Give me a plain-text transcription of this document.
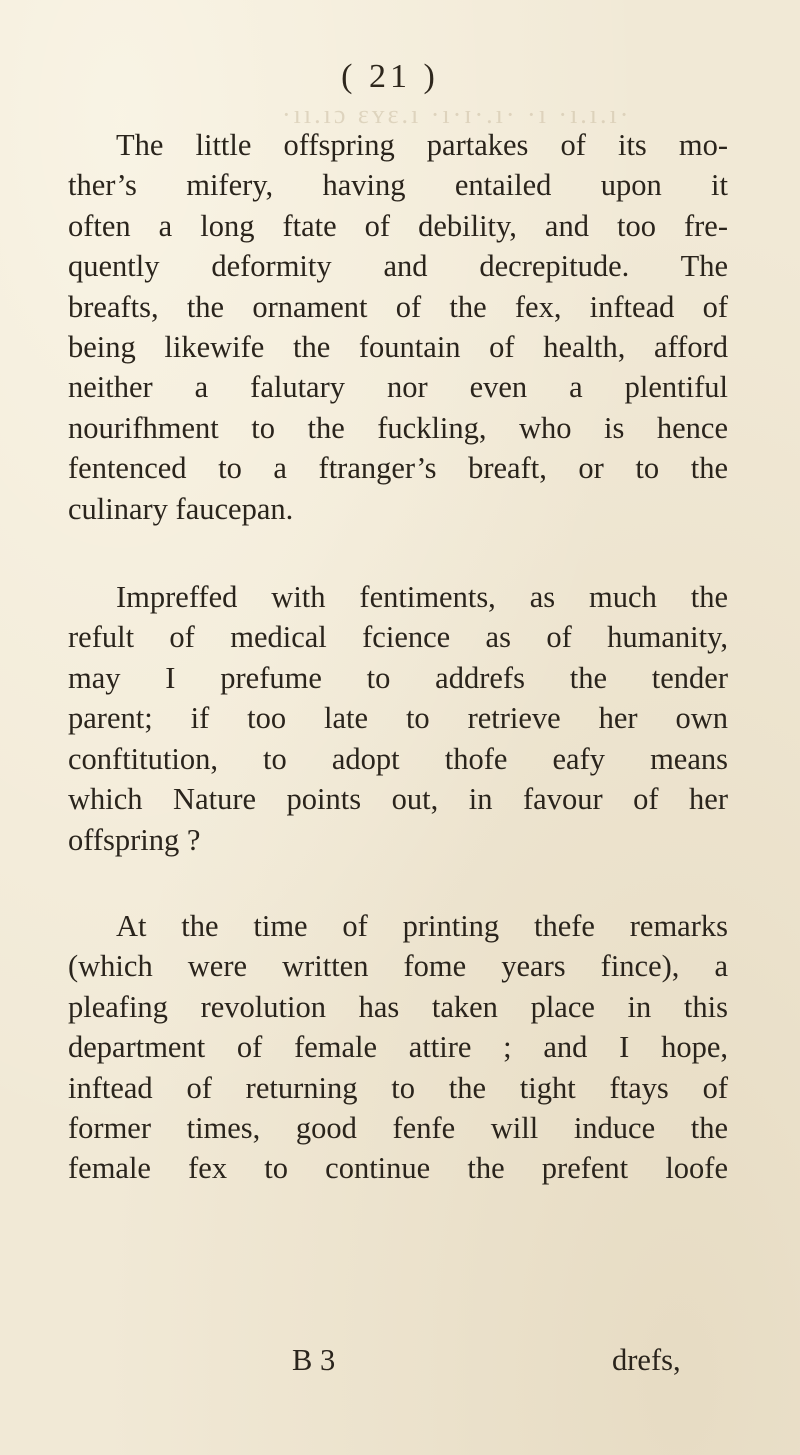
( 21 )
·ıı.ıɔ ɛʏɛ.ı ·ı·ɪ·.ı· ·ı ·ı.ı.ı·

The little offspring partakes of its mo-
ther’s mifery, having entailed upon it
often a long ftate of debility, and too fre-
quently deformity and decrepitude. The
breafts, the ornament of the fex, inftead of
being likewife the fountain of health, afford
neither a falutary nor even a plentiful
nourifhment to the fuckling, who is hence
fentenced to a ftranger’s breaft, or to the
culinary faucepan.

Impreffed with fentiments, as much the
refult of medical fcience as of humanity,
may I prefume to addrefs the tender
parent; if too late to retrieve her own
conftitution, to adopt thofe eafy means
which Nature points out, in favour of her
offspring ?

At the time of printing thefe remarks
(which were written fome years fince), a
pleafing revolution has taken place in this
department of female attire ; and I hope,
inftead of returning to the tight ftays of
former times, good fenfe will induce the
female fex to continue the prefent loofe

B 3	drefs,
